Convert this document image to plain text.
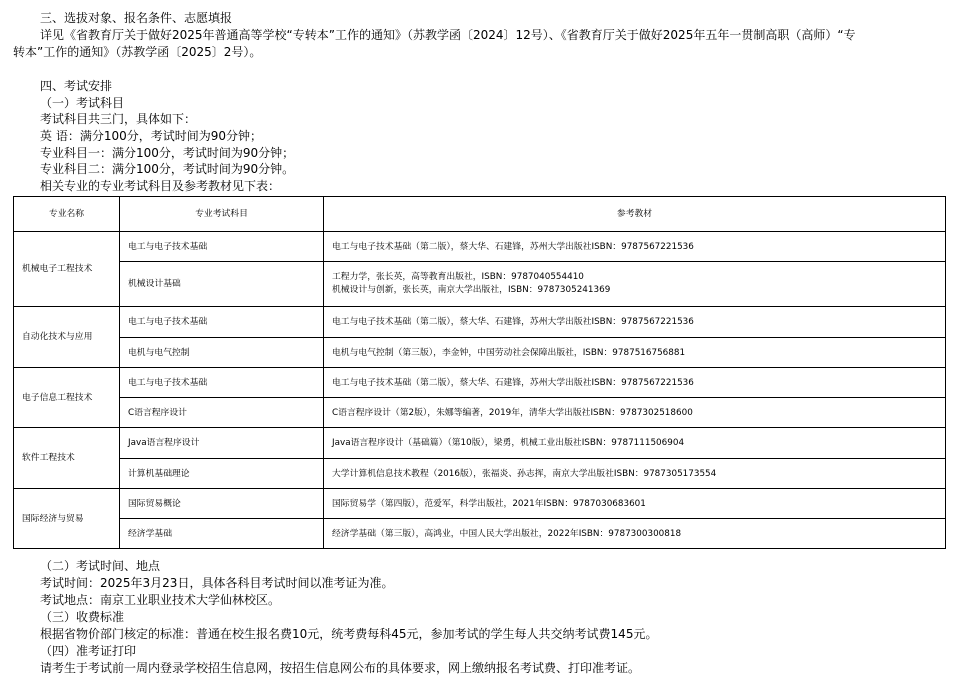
三、选拔对象、报名条件、志愿填报
详见《省教育厅关于做好2025年普通高等学校“专转本”工作的通知》（苏教学函〔2024〕12号）、《省教育厅关于做好2025年五年一贯制高职（高师）“专
转本”工作的通知》（苏教学函〔2025〕2号）。
四、考试安排
（一）考试科目
考试科目共三门，具体如下：
英 语：满分100分，考试时间为90分钟；
专业科目一：满分100分，考试时间为90分钟；
专业科目二：满分100分，考试时间为90分钟。
相关专业的专业考试科目及参考教材见下表：
专业名称	专业考试科目	参考教材
机械电子工程技术	电工与电子技术基础	电工与电子技术基础（第二版），蔡大华、石建锋，苏州大学出版社ISBN：9787567221536
	机械设计基础	工程力学，张长英，高等教育出版社，ISBN：9787040554410
机械设计与创新，张长英，南京大学出版社，ISBN：9787305241369

自动化技术与应用	电工与电子技术基础	电工与电子技术基础（第二版），蔡大华、石建锋，苏州大学出版社ISBN：9787567221536
	电机与电气控制	电机与电气控制（第三版），李金钟，中国劳动社会保障出版社，ISBN：9787516756881
电子信息工程技术	电工与电子技术基础	电工与电子技术基础（第二版），蔡大华、石建锋，苏州大学出版社ISBN：9787567221536
	C语言程序设计	C语言程序设计（第2版），朱娜等编著，2019年，清华大学出版社ISBN：9787302518600
软件工程技术	Java语言程序设计	Java语言程序设计（基础篇）（第10版），梁勇，机械工业出版社ISBN：9787111506904
	计算机基础理论	大学计算机信息技术教程（2016版），张福炎、孙志挥，南京大学出版社ISBN：9787305173554
国际经济与贸易	国际贸易概论	国际贸易学（第四版），范爱军，科学出版社，2021年ISBN：9787030683601
	经济学基础	经济学基础（第三版），高鸿业，中国人民大学出版社，2022年ISBN：9787300300818
（二）考试时间、地点
考试时间：2025年3月23日，具体各科目考试时间以准考证为准。
考试地点：南京工业职业技术大学仙林校区。
（三）收费标准
根据省物价部门核定的标准：普通在校生报名费10元，统考费每科45元，参加考试的学生每人共交纳考试费145元。
（四）准考证打印
请考生于考试前一周内登录学校招生信息网，按招生信息网公布的具体要求，网上缴纳报名考试费、打印准考证。
